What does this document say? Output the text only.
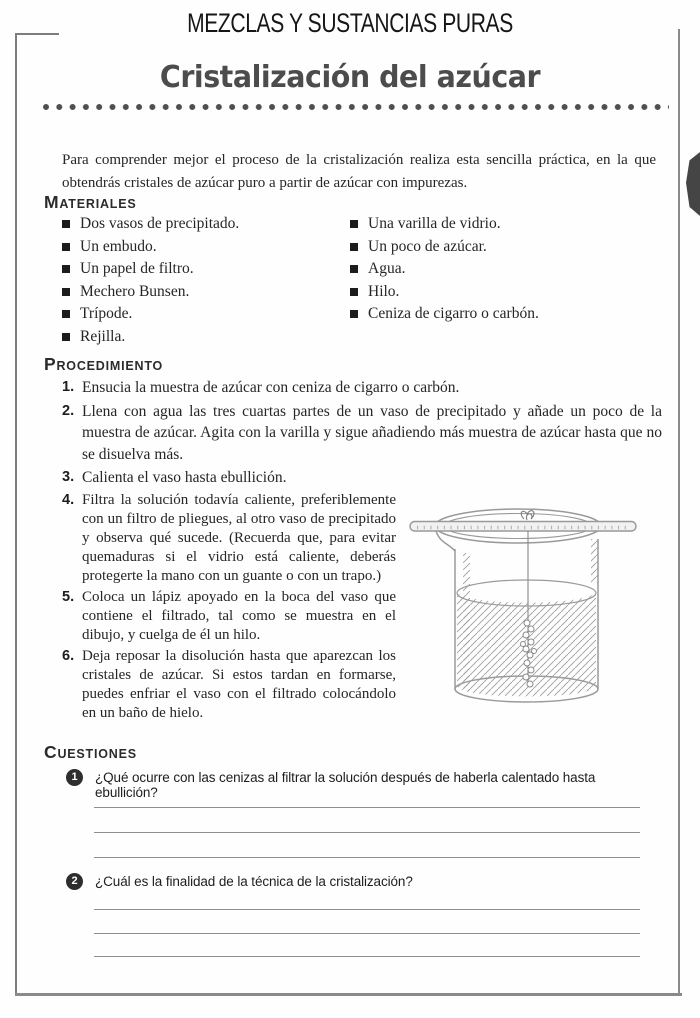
MEZCLAS Y SUSTANCIAS PURAS
Cristalización del azúcar

Para comprender mejor el proceso de la cristalización realiza esta sencilla práctica, en la que obtendrás cristales de azúcar puro a partir de azúcar con impurezas.

MATERIALES
Dos vasos de precipitado.
Un embudo.
Un papel de filtro.
Mechero Bunsen.
Trípode.
Rejilla.
Una varilla de vidrio.
Un poco de azúcar.
Agua.
Hilo.
Ceniza de cigarro o carbón.
PROCEDIMIENTO
1. Ensucia la muestra de azúcar con ceniza de cigarro o carbón.
2. Llena con agua las tres cuartas partes de un vaso de precipitado y añade un poco de la muestra de azúcar. Agita con la varilla y sigue añadiendo más muestra de azúcar hasta que no se disuelva más.
3. Calienta el vaso hasta ebullición.
4. Filtra la solución todavía caliente, preferiblemente con un filtro de pliegues, al otro vaso de precipitado y observa qué sucede. (Recuerda que, para evitar quemaduras si el vidrio está caliente, deberás protegerte la mano con un guante o con un trapo.)
5. Coloca un lápiz apoyado en la boca del vaso que contiene el filtrado, tal como se muestra en el dibujo, y cuelga de él un hilo.
6. Deja reposar la disolución hasta que aparezcan los cristales de azúcar. Si estos tardan en formarse, puedes enfriar el vaso con el filtrado colocándolo en un baño de hielo.
CUESTIONES
1	¿Qué ocurre con las cenizas al filtrar la solución después de haberla calentado hasta ebullición?
2	¿Cuál es la finalidad de la técnica de la cristalización?
